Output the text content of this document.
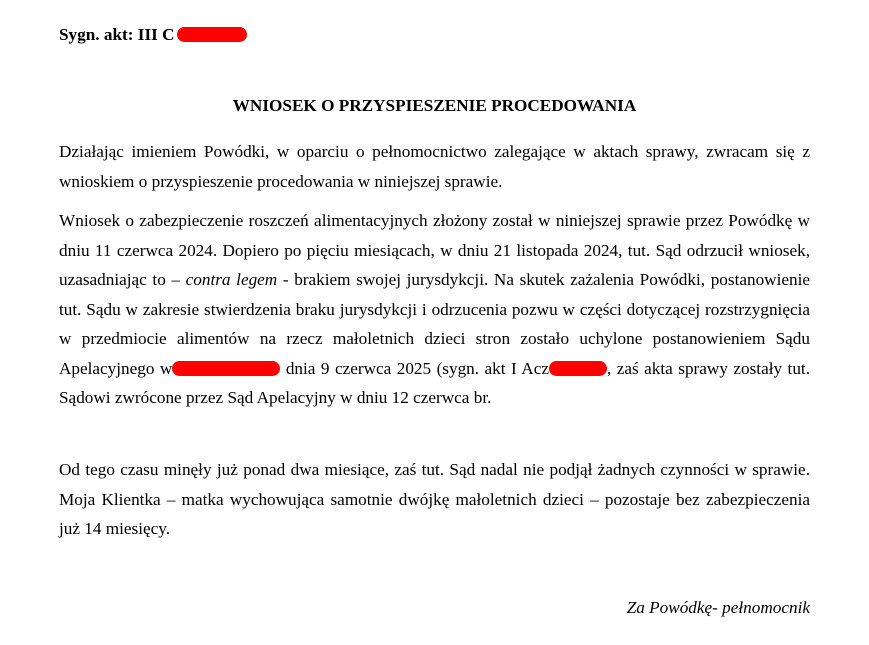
Sygn. akt: III C
WNIOSEK O PRZYSPIESZENIE PROCEDOWANIA

Działając imieniem Powódki, w oparciu o pełnomocnictwo zalegające w aktach sprawy, zwracam się z wnioskiem o przyspieszenie procedowania w niniejszej sprawie.

Wniosek o zabezpieczenie roszczeń alimentacyjnych złożony został w niniejszej sprawie przez Powódkę w dniu 11 czerwca 2024. Dopiero po pięciu miesiącach, w dniu 21 listopada 2024, tut. Sąd odrzucił wniosek, uzasadniając to – contra legem - brakiem swojej jurysdykcji. Na skutek zażalenia Powódki, postanowienie tut. Sądu w zakresie stwierdzenia braku jurysdykcji i odrzucenia pozwu w części dotyczącej rozstrzygnięcia w przedmiocie alimentów na rzecz małoletnich dzieci stron zostało uchylone postanowieniem Sądu Apelacyjnego w	dnia 9 czerwca 2025 (sygn. akt I Acz	, zaś akta sprawy zostały tut. Sądowi zwrócone przez Sąd Apelacyjny w dniu 12 czerwca br.

Od tego czasu minęły już ponad dwa miesiące, zaś tut. Sąd nadal nie podjął żadnych czynności w sprawie. Moja Klientka – matka wychowująca samotnie dwójkę małoletnich dzieci – pozostaje bez zabezpieczenia już 14 miesięcy.

Za Powódkę- pełnomocnik
